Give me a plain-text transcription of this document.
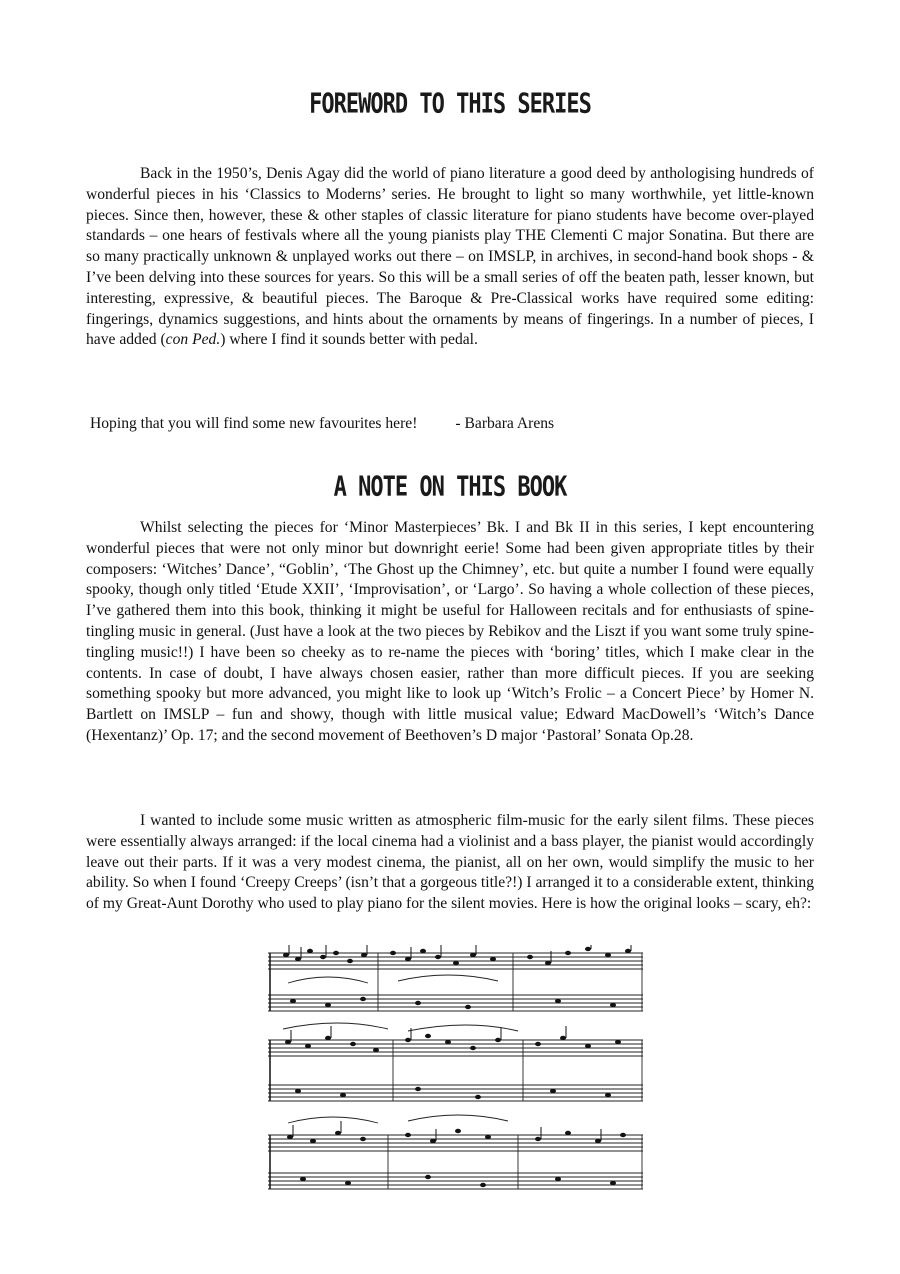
FOREWORD TO THIS SERIES

Back in the 1950’s, Denis Agay did the world of piano literature a good deed by anthologising hundreds of wonderful pieces in his ‘Classics to Moderns’ series. He brought to light so many worthwhile, yet little-known pieces. Since then, however, these & other staples of classic literature for piano students have become over-played standards – one hears of festivals where all the young pianists play THE Clementi C major Sonatina. But there are so many practically unknown & unplayed works out there – on IMSLP, in archives, in second-hand book shops - & I’ve been delving into these sources for years. So this will be a small series of off the beaten path, lesser known, but interesting, expressive, & beautiful pieces. The Baroque & Pre-Classical works have required some editing: fingerings, dynamics suggestions, and hints about the ornaments by means of fingerings. In a number of pieces, I have added (con Ped.) where I find it sounds better with pedal.

Hoping that you will find some new favourites here! - Barbara Arens
A NOTE ON THIS BOOK

Whilst selecting the pieces for ‘Minor Masterpieces’ Bk. I and Bk II in this series, I kept encountering wonderful pieces that were not only minor but downright eerie! Some had been given appropriate titles by their composers: ‘Witches’ Dance’, “Goblin’, ‘The Ghost up the Chimney’, etc. but quite a number I found were equally spooky, though only titled ‘Etude XXII’, ‘Improvisation’, or ‘Largo’. So having a whole collection of these pieces, I’ve gathered them into this book, thinking it might be useful for Halloween recitals and for enthusiasts of spine-tingling music in general. (Just have a look at the two pieces by Rebikov and the Liszt if you want some truly spine-tingling music!!) I have been so cheeky as to re-name the pieces with ‘boring’ titles, which I make clear in the contents. In case of doubt, I have always chosen easier, rather than more difficult pieces. If you are seeking something spooky but more advanced, you might like to look up ‘Witch’s Frolic – a Concert Piece’ by Homer N. Bartlett on IMSLP – fun and showy, though with little musical value; Edward MacDowell’s ‘Witch’s Dance (Hexentanz)’ Op. 17; and the second movement of Beethoven’s D major ‘Pastoral’ Sonata Op.28.

I wanted to include some music written as atmospheric film-music for the early silent films. These pieces were essentially always arranged: if the local cinema had a violinist and a bass player, the pianist would accordingly leave out their parts. If it was a very modest cinema, the pianist, all on her own, would simplify the music to her ability. So when I found ‘Creepy Creeps’ (isn’t that a gorgeous title?!) I arranged it to a considerable extent, thinking of my Great-Aunt Dorothy who used to play piano for the silent movies. Here is how the original looks – scary, eh?:
